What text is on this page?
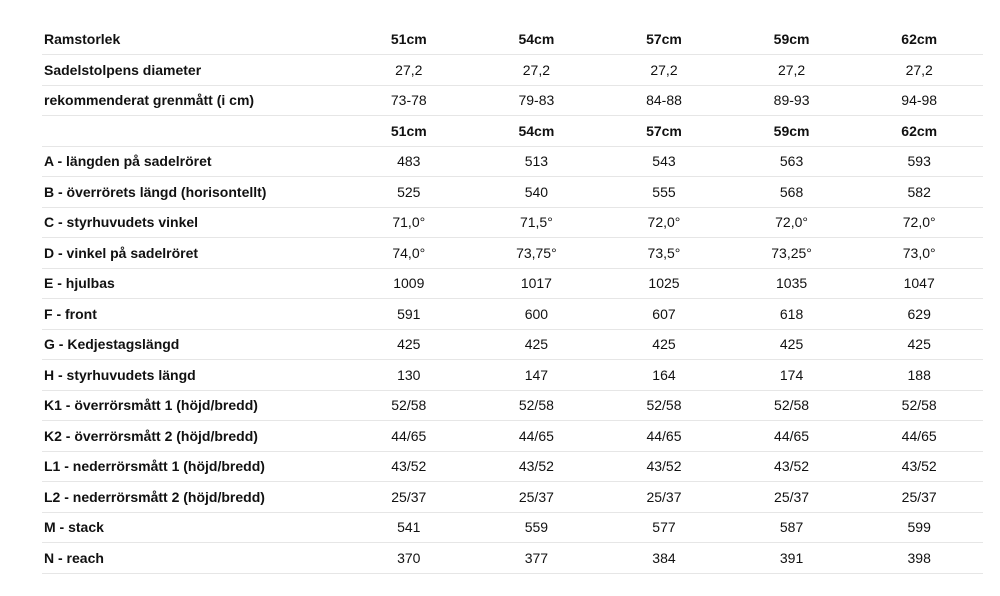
Ramstorlek	51cm	54cm	57cm	59cm	62cm
Sadelstolpens diameter	27,2	27,2	27,2	27,2	27,2
rekommenderat grenmått (i cm)	73-78	79-83	84-88	89-93	94-98
	51cm	54cm	57cm	59cm	62cm
A - längden på sadelröret	483	513	543	563	593
B - överrörets längd (horisontellt)	525	540	555	568	582
C - styrhuvudets vinkel	71,0°	71,5°	72,0°	72,0°	72,0°
D - vinkel på sadelröret	74,0°	73,75°	73,5°	73,25°	73,0°
E - hjulbas	1009	1017	1025	1035	1047
F - front	591	600	607	618	629
G - Kedjestagslängd	425	425	425	425	425
H - styrhuvudets längd	130	147	164	174	188
K1 - överrörsmått 1 (höjd/bredd)	52/58	52/58	52/58	52/58	52/58
K2 - överrörsmått 2 (höjd/bredd)	44/65	44/65	44/65	44/65	44/65
L1 - nederrörsmått 1 (höjd/bredd)	43/52	43/52	43/52	43/52	43/52
L2 - nederrörsmått 2 (höjd/bredd)	25/37	25/37	25/37	25/37	25/37
M - stack	541	559	577	587	599
N - reach	370	377	384	391	398
